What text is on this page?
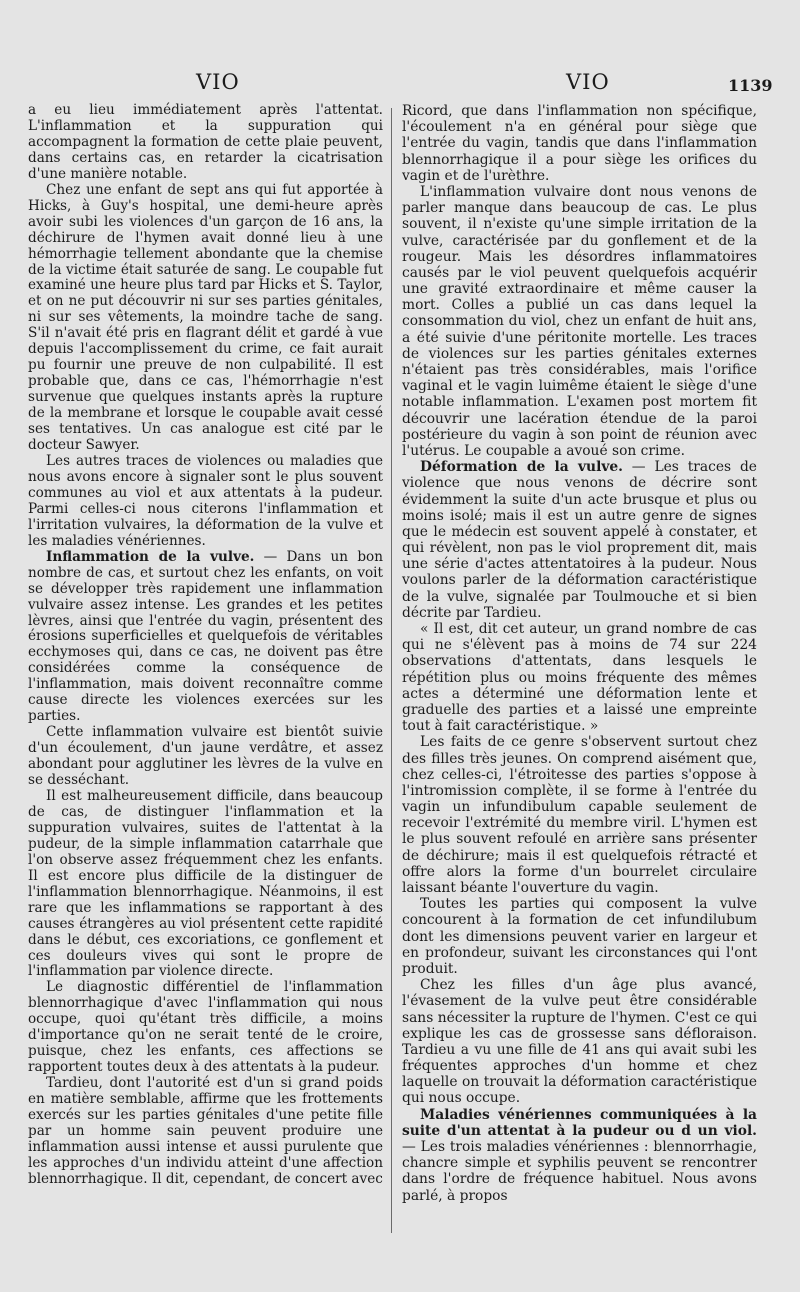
VIO	VIO	1139

a eu lieu immédiatement après l'attentat. L'inflammation et la suppuration qui accompagnent la formation de cette plaie peuvent, dans certains cas, en retarder la cicatrisation d'une manière notable.

Chez une enfant de sept ans qui fut apportée à Hicks, à Guy's hospital, une demi-heure après avoir subi les violences d'un garçon de 16 ans, la déchirure de l'hymen avait donné lieu à une hémorrhagie tellement abondante que la chemise de la victime était saturée de sang. Le coupable fut examiné une heure plus tard par Hicks et S. Taylor, et on ne put découvrir ni sur ses parties génitales, ni sur ses vêtements, la moindre tache de sang. S'il n'avait été pris en flagrant délit et gardé à vue depuis l'accomplissement du crime, ce fait aurait pu fournir une preuve de non culpabilité. Il est probable que, dans ce cas, l'hémorrhagie n'est survenue que quelques instants après la rupture de la membrane et lorsque le coupable avait cessé ses tentatives. Un cas analogue est cité par le docteur Sawyer.

Les autres traces de violences ou maladies que nous avons encore à signaler sont le plus souvent communes au viol et aux attentats à la pudeur. Parmi celles-ci nous citerons l'inflammation et l'irritation vulvaires, la déformation de la vulve et les maladies vénériennes.

Inflammation de la vulve. — Dans un bon nombre de cas, et surtout chez les enfants, on voit se développer très rapidement une inflammation vulvaire assez intense. Les grandes et les petites lèvres, ainsi que l'entrée du vagin, présentent des érosions superficielles et quelquefois de véritables ecchymoses qui, dans ce cas, ne doivent pas être considérées comme la conséquence de l'inflammation, mais doivent reconnaître comme cause directe les violences exercées sur les parties.

Cette inflammation vulvaire est bientôt suivie d'un écoulement, d'un jaune verdâtre, et assez abondant pour agglutiner les lèvres de la vulve en se desséchant.

Il est malheureusement difficile, dans beaucoup de cas, de distinguer l'inflammation et la suppuration vulvaires, suites de l'attentat à la pudeur, de la simple inflammation catarrhale que l'on observe assez fréquemment chez les enfants. Il est encore plus difficile de la distinguer de l'inflammation blennorrhagique. Néanmoins, il est rare que les inflammations se rapportant à des causes étrangères au viol présentent cette rapidité dans le début, ces excoriations, ce gonflement et ces douleurs vives qui sont le propre de l'inflammation par violence directe.

Le diagnostic différentiel de l'inflammation blennorrhagique d'avec l'inflammation qui nous occupe, quoi qu'étant très difficile, a moins d'importance qu'on ne serait tenté de le croire, puisque, chez les enfants, ces affections se rapportent toutes deux à des attentats à la pudeur.

Tardieu, dont l'autorité est d'un si grand poids en matière semblable, affirme que les frottements exercés sur les parties génitales d'une petite fille par un homme sain peuvent produire une inflammation aussi intense et aussi purulente que les approches d'un individu atteint d'une affection blennorrhagique. Il dit, cependant, de concert avec

Ricord, que dans l'inflammation non spécifique, l'écoulement n'a en général pour siège que l'entrée du vagin, tandis que dans l'inflammation blennorrhagique il a pour siège les orifices du vagin et de l'urèthre.

L'inflammation vulvaire dont nous venons de parler manque dans beaucoup de cas. Le plus souvent, il n'existe qu'une simple irritation de la vulve, caractérisée par du gonflement et de la rougeur. Mais les désordres inflammatoires causés par le viol peuvent quelquefois acquérir une gravité extraordinaire et même causer la mort. Colles a publié un cas dans lequel la consommation du viol, chez un enfant de huit ans, a été suivie d'une péritonite mortelle. Les traces de violences sur les parties génitales externes n'étaient pas très considérables, mais l'orifice vaginal et le vagin luimême étaient le siège d'une notable inflammation. L'examen post mortem fit découvrir une lacération étendue de la paroi postérieure du vagin à son point de réunion avec l'utérus. Le coupable a avoué son crime.

Déformation de la vulve. — Les traces de violence que nous venons de décrire sont évidemment la suite d'un acte brusque et plus ou moins isolé; mais il est un autre genre de signes que le médecin est souvent appelé à constater, et qui révèlent, non pas le viol proprement dit, mais une série d'actes attentatoires à la pudeur. Nous voulons parler de la déformation caractéristique de la vulve, signalée par Toulmouche et si bien décrite par Tardieu.

« Il est, dit cet auteur, un grand nombre de cas qui ne s'élèvent pas à moins de 74 sur 224 observations d'attentats, dans lesquels le répétition plus ou moins fréquente des mêmes actes a déterminé une déformation lente et graduelle des parties et a laissé une empreinte tout à fait caractéristique. »

Les faits de ce genre s'observent surtout chez des filles très jeunes. On comprend aisément que, chez celles-ci, l'étroitesse des parties s'oppose à l'intromission complète, il se forme à l'entrée du vagin un infundibulum capable seulement de recevoir l'extrémité du membre viril. L'hymen est le plus souvent refoulé en arrière sans présenter de déchirure; mais il est quelquefois rétracté et offre alors la forme d'un bourrelet circulaire laissant béante l'ouverture du vagin.

Toutes les parties qui composent la vulve concourent à la formation de cet infundilubum dont les dimensions peuvent varier en largeur et en profondeur, suivant les circonstances qui l'ont produit.

Chez les filles d'un âge plus avancé, l'évasement de la vulve peut être considérable sans nécessiter la rupture de l'hymen. C'est ce qui explique les cas de grossesse sans défloraison. Tardieu a vu une fille de 41 ans qui avait subi les fréquentes approches d'un homme et chez laquelle on trouvait la déformation caractéristique qui nous occupe.

Maladies vénériennes communiquées à la suite d'un attentat à la pudeur ou d un viol. — Les trois maladies vénériennes : blennorrhagie, chancre simple et syphilis peuvent se rencontrer dans l'ordre de fréquence habituel. Nous avons parlé, à propos
